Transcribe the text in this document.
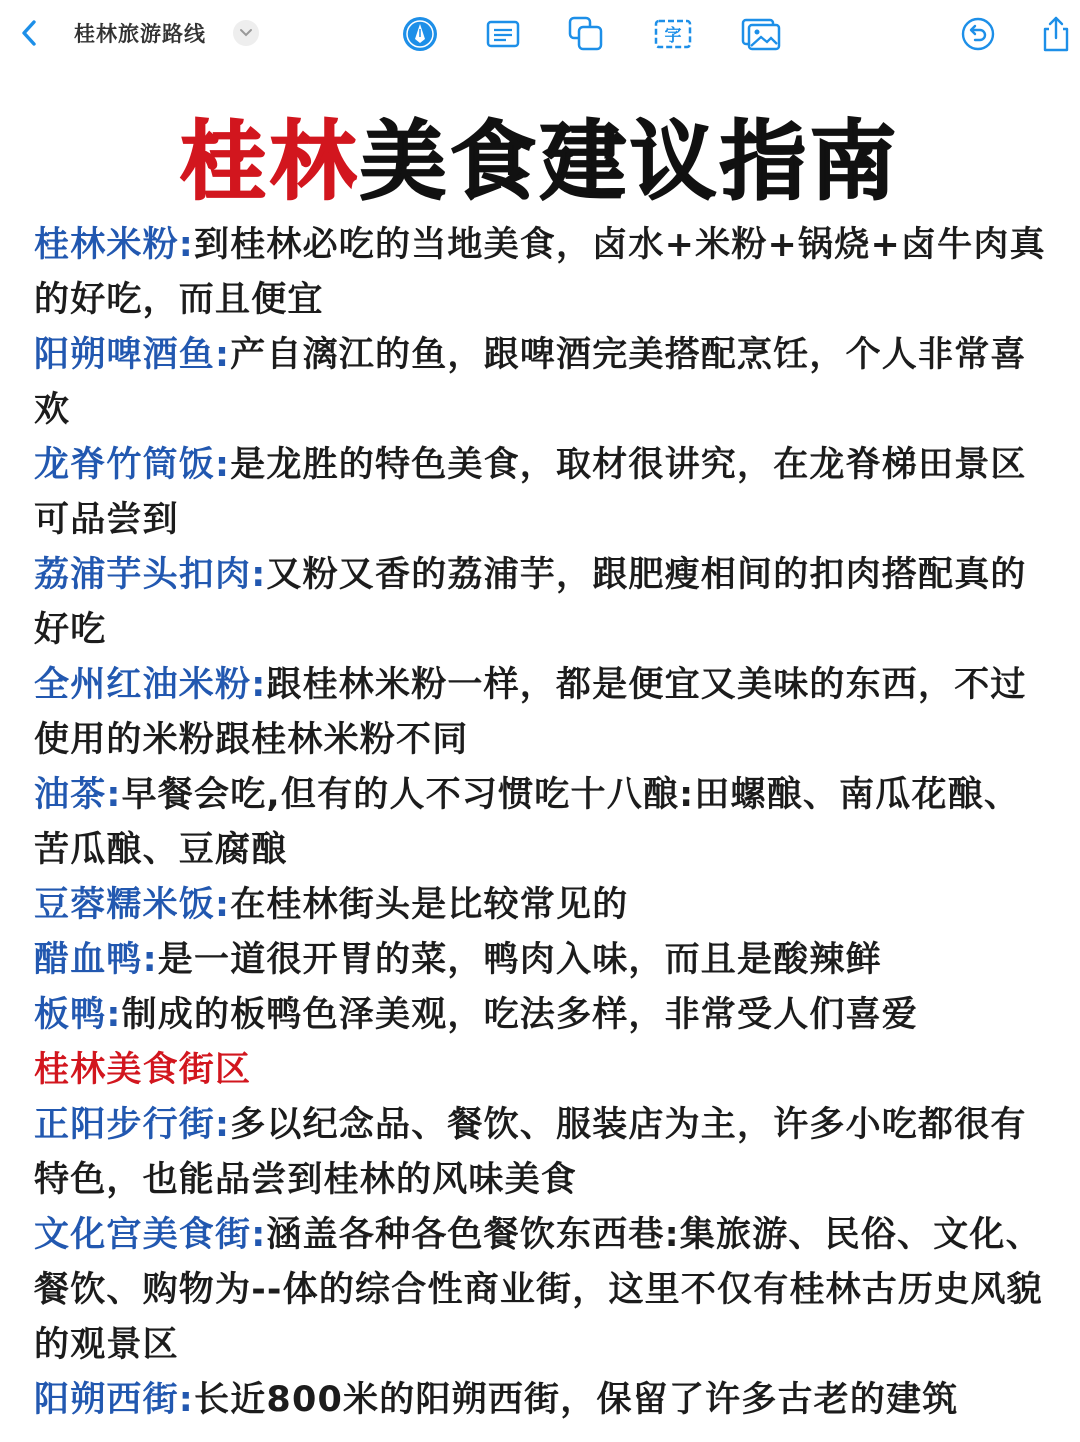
桂林旅游路线	字
桂林美食建议指南
桂林米粉:到桂林必吃的当地美食，卤水+米粉+锅烧+卤牛肉真的好吃，而且便宜
阳朔啤酒鱼:产自漓江的鱼，跟啤酒完美搭配烹饪，个人非常喜欢
龙脊竹筒饭:是龙胜的特色美食，取材很讲究，在龙脊梯田景区可品尝到
荔浦芋头扣肉:又粉又香的荔浦芋，跟肥瘦相间的扣肉搭配真的好吃
全州红油米粉:跟桂林米粉一样，都是便宜又美味的东西，不过使用的米粉跟桂林米粉不同
油茶:早餐会吃,但有的人不习惯吃十八酿:田螺酿、南瓜花酿、苦瓜酿、豆腐酿
豆蓉糯米饭:在桂林街头是比较常见的
醋血鸭:是一道很开胃的菜，鸭肉入味，而且是酸辣鲜
板鸭:制成的板鸭色泽美观，吃法多样，非常受人们喜爱
桂林美食街区
正阳步行街:多以纪念品、餐饮、服装店为主，许多小吃都很有特色，也能品尝到桂林的风味美食
文化宫美食街:涵盖各种各色餐饮东西巷:集旅游、民俗、文化、餐饮、购物为--体的综合性商业街，这里不仅有桂林古历史风貌的观景区
阳朔西街:长近800米的阳朔西街，保留了许多古老的建筑
